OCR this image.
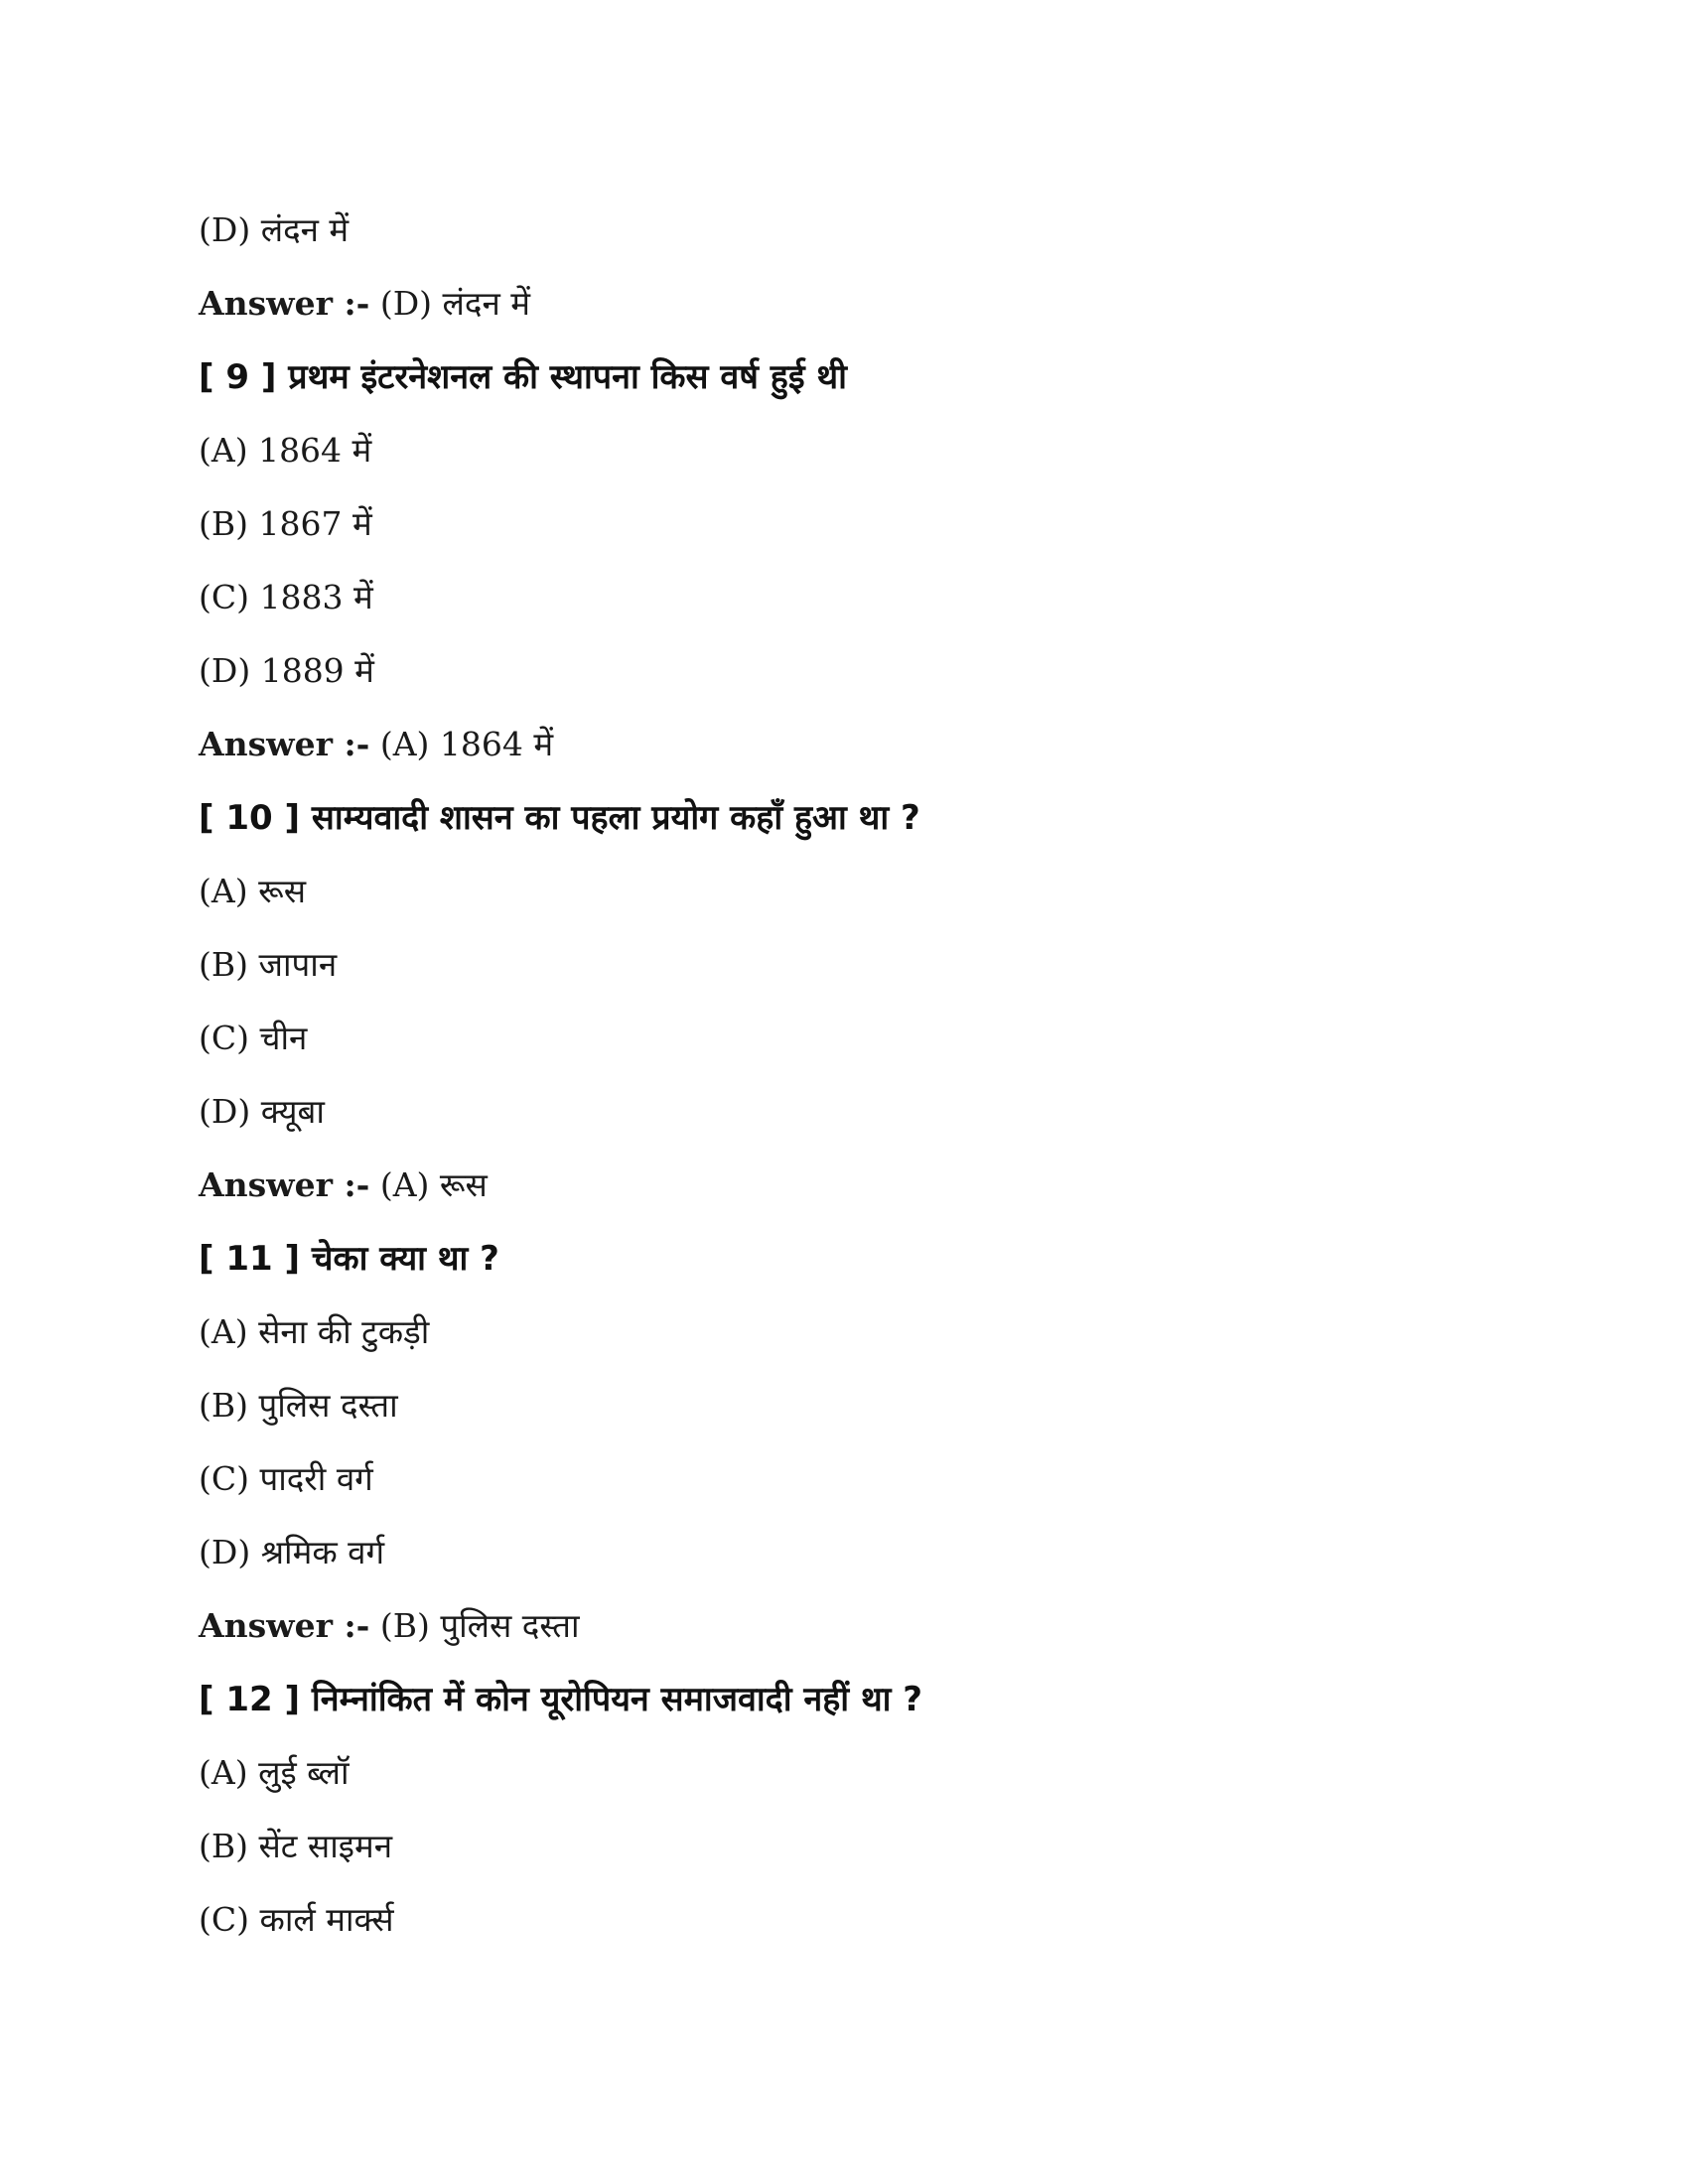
(D) लंदन में
Answer :- (D) लंदन में
[ 9 ] प्रथम इंटरनेशनल की स्थापना किस वर्ष हुई थी
(A) 1864 में
(B) 1867 में
(C) 1883 में
(D) 1889 में
Answer :- (A) 1864 में
[ 10 ] साम्यवादी शासन का पहला प्रयोग कहाँ हुआ था ?
(A) रूस
(B) जापान
(C) चीन
(D) क्यूबा
Answer :- (A) रूस
[ 11 ] चेका क्या था ?
(A) सेना की टुकड़ी
(B) पुलिस दस्ता
(C) पादरी वर्ग
(D) श्रमिक वर्ग
Answer :- (B) पुलिस दस्ता
[ 12 ] निम्नांकित में कोन यूरोपियन समाजवादी नहीं था ?
(A) लुई ब्लॉ
(B) सेंट साइमन
(C) कार्ल मार्क्स
